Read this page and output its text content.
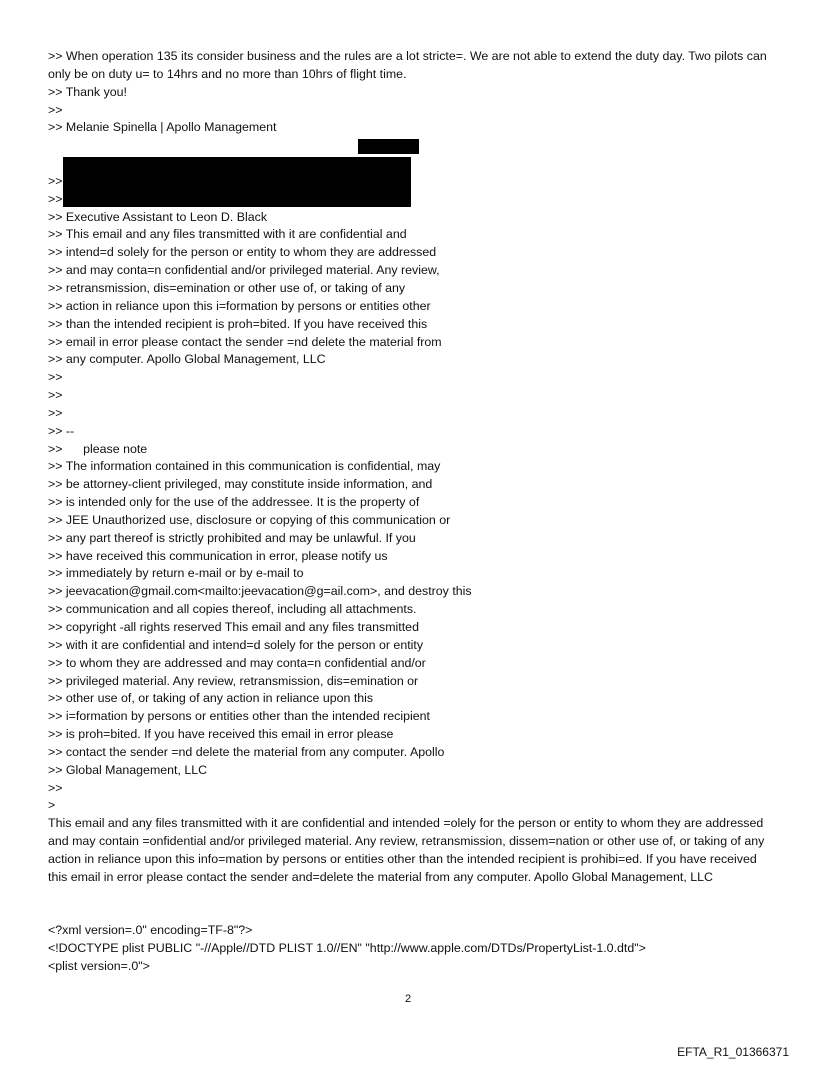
>> When operation 135 its consider business and the rules are a lot stricte=. We are not able to extend the duty day. Two pilots can only be on duty u= to 14hrs and no more than 10hrs of flight time.
>> Thank you!
>>
>> Melanie Spinella | Apollo Management

>>
>>
>> Executive Assistant to Leon D. Black
>> This email and any files transmitted with it are confidential and
>> intend=d solely for the person or entity to whom they are addressed
>> and may conta=n confidential and/or privileged material. Any review,
>> retransmission, dis=emination or other use of, or taking of any
>> action in reliance upon this i=formation by persons or entities other
>> than the intended recipient is proh=bited. If you have received this
>> email in error please contact the sender =nd delete the material from
>> any computer. Apollo Global Management, LLC
>>
>>
>>
>> --
>>      please note
>> The information contained in this communication is confidential, may
>> be attorney-client privileged, may constitute inside information, and
>> is intended only for the use of the addressee. It is the property of
>> JEE Unauthorized use, disclosure or copying of this communication or
>> any part thereof is strictly prohibited and may be unlawful. If you
>> have received this communication in error, please notify us
>> immediately by return e-mail or by e-mail to
>> jeevacation@gmail.com<mailto:jeevacation@g=ail.com>, and destroy this
>> communication and all copies thereof, including all attachments.
>> copyright -all rights reserved This email and any files transmitted
>> with it are confidential and intend=d solely for the person or entity
>> to whom they are addressed and may conta=n confidential and/or
>> privileged material. Any review, retransmission, dis=emination or
>> other use of, or taking of any action in reliance upon this
>> i=formation by persons or entities other than the intended recipient
>> is proh=bited. If you have received this email in error please
>> contact the sender =nd delete the material from any computer. Apollo
>> Global Management, LLC
>>
>
This email and any files transmitted with it are confidential and intended =olely for the person or entity to whom they are addressed and may contain =onfidential and/or privileged material. Any review, retransmission, dissem=nation or other use of, or taking of any action in reliance upon this info=mation by persons or entities other than the intended recipient is prohibi=ed. If you have received this email in error please contact the sender and=delete the material from any computer. Apollo Global Management, LLC
<?xml version=.0" encoding=TF-8"?>
<!DOCTYPE plist PUBLIC "-//Apple//DTD PLIST 1.0//EN" "http://www.apple.com/DTDs/PropertyList-1.0.dtd">
<plist version=.0">
2
EFTA_R1_01366371
